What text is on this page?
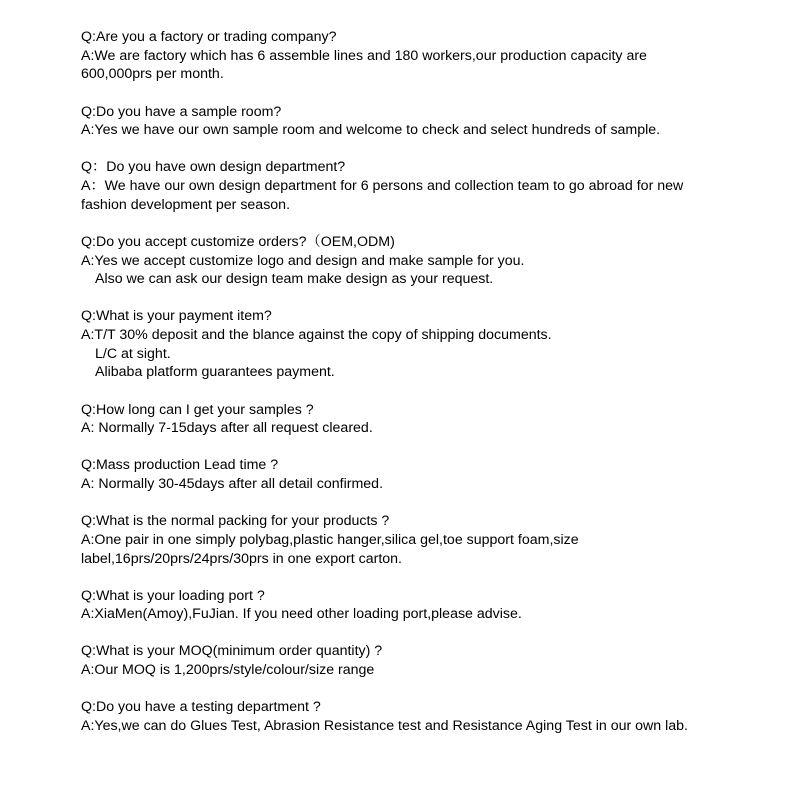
Q:Are you a factory or trading company?
A:We are factory which has 6 assemble lines and 180 workers,our production capacity are
600,000prs per month.
Q:Do you have a sample room?
A:Yes we have our own sample room and welcome to check and select hundreds of sample.
Q：Do you have own design department?
A：We have our own design department for 6 persons and collection team to go abroad for new
fashion development per season.
Q:Do you accept customize orders?（OEM,ODM)
A:Yes we accept customize logo and design and make sample for you.
Also we can ask our design team make design as your request.
Q:What is your payment item?
A:T/T 30% deposit and the blance against the copy of shipping documents.
L/C at sight.
Alibaba platform guarantees payment.
Q:How long can I get your samples ?
A: Normally 7-15days after all request cleared.
Q:Mass production Lead time ?
A: Normally 30-45days after all detail confirmed.
Q:What is the normal packing for your products ?
A:One pair in one simply polybag,plastic hanger,silica gel,toe support foam,size
label,16prs/20prs/24prs/30prs in one export carton.
Q:What is your loading port ?
A:XiaMen(Amoy),FuJian. If you need other loading port,please advise.
Q:What is your MOQ(minimum order quantity) ?
A:Our MOQ is 1,200prs/style/colour/size range
Q:Do you have a testing department ?
A:Yes,we can do Glues Test, Abrasion Resistance test and Resistance Aging Test in our own lab.
